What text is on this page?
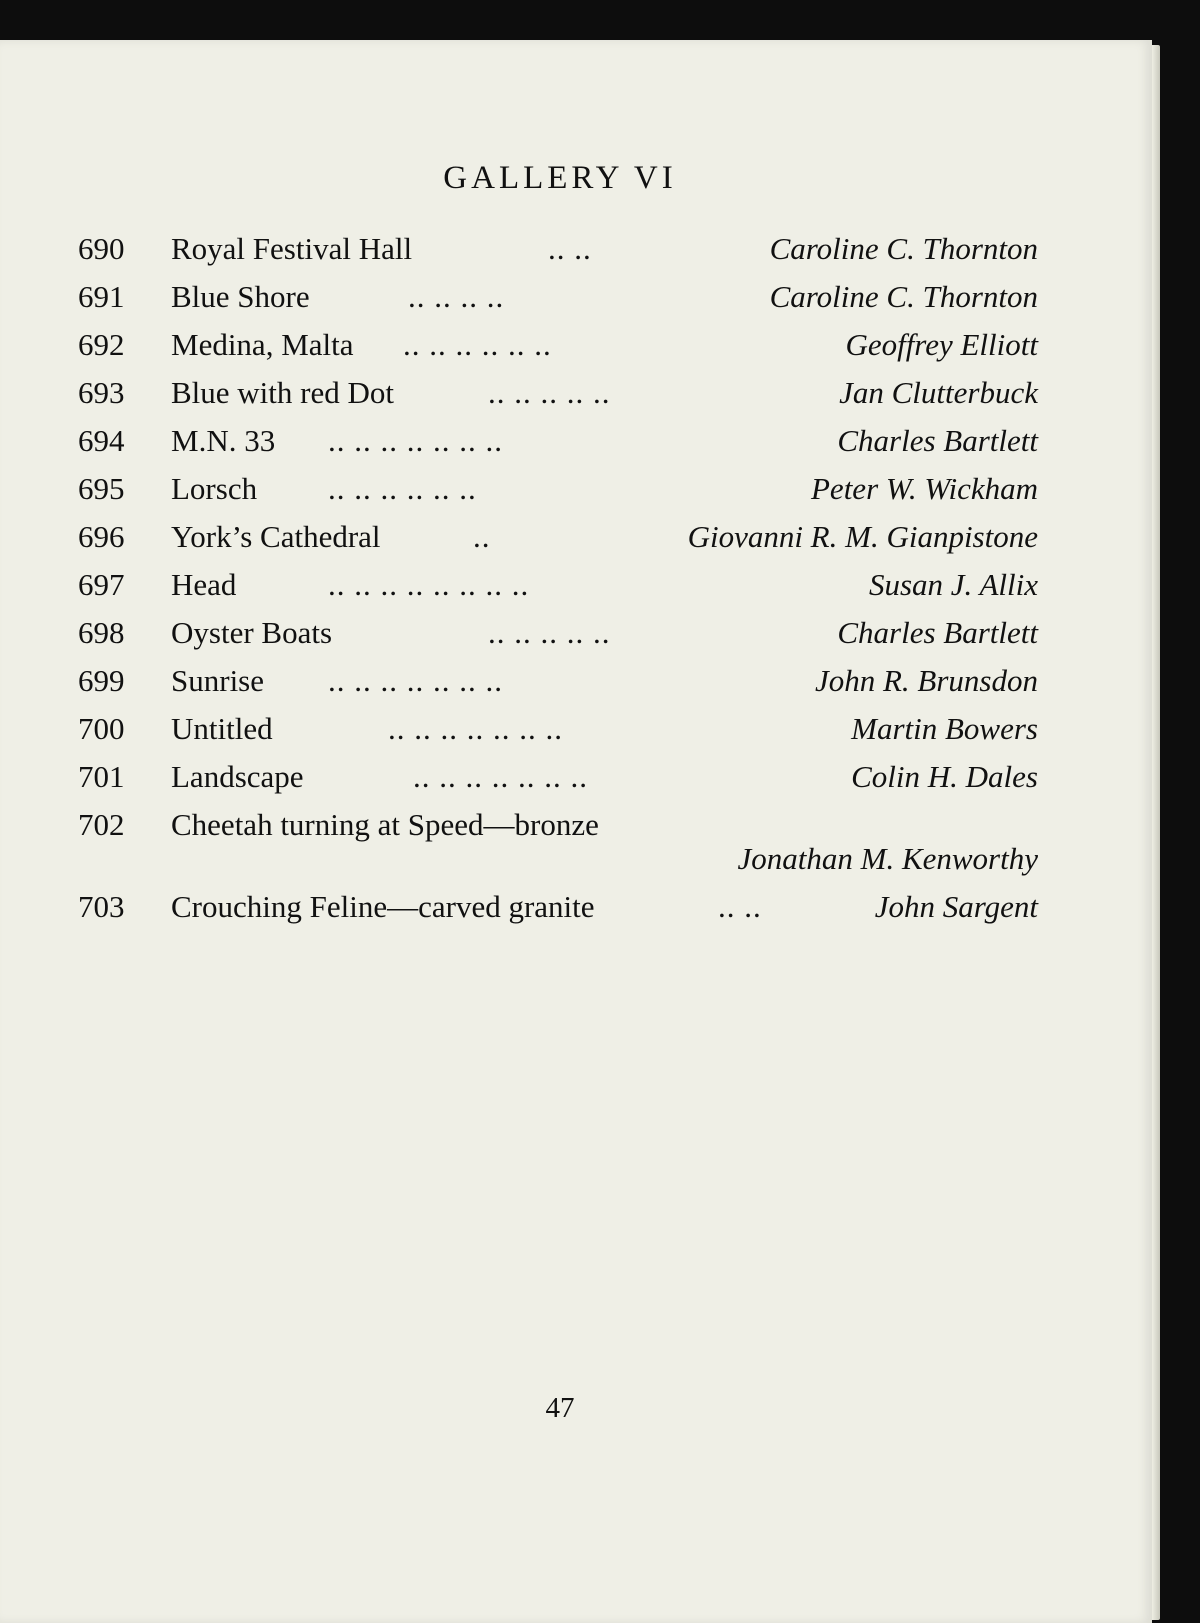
GALLERY VI
690	Royal Festival Hall	.. ..	Caroline C. Thornton
691	Blue Shore	.. .. .. ..	Caroline C. Thornton
692	Medina, Malta .. .. .. .. .. ..	Geoffrey Elliott
693	Blue with red Dot	.. .. .. .. ..	Jan Clutterbuck
694	M.N. 33 .. .. .. .. .. .. ..	Charles Bartlett
695	Lorsch .. .. .. .. .. ..	Peter W. Wickham
696	York’s Cathedral	..	Giovanni R. M. Gianpistone
697	Head	.. .. .. .. .. .. .. ..	Susan J. Allix
698	Oyster Boats	.. .. .. .. ..	Charles Bartlett
699	Sunrise .. .. .. .. .. .. ..	John R. Brunsdon
700	Untitled	.. .. .. .. .. .. ..	Martin Bowers
701	Landscape	.. .. .. .. .. .. ..	Colin H. Dales
702	Cheetah turning at Speed—bronze
Jonathan M. Kenworthy
703	Crouching Feline—carved granite	.. ..	John Sargent
47
